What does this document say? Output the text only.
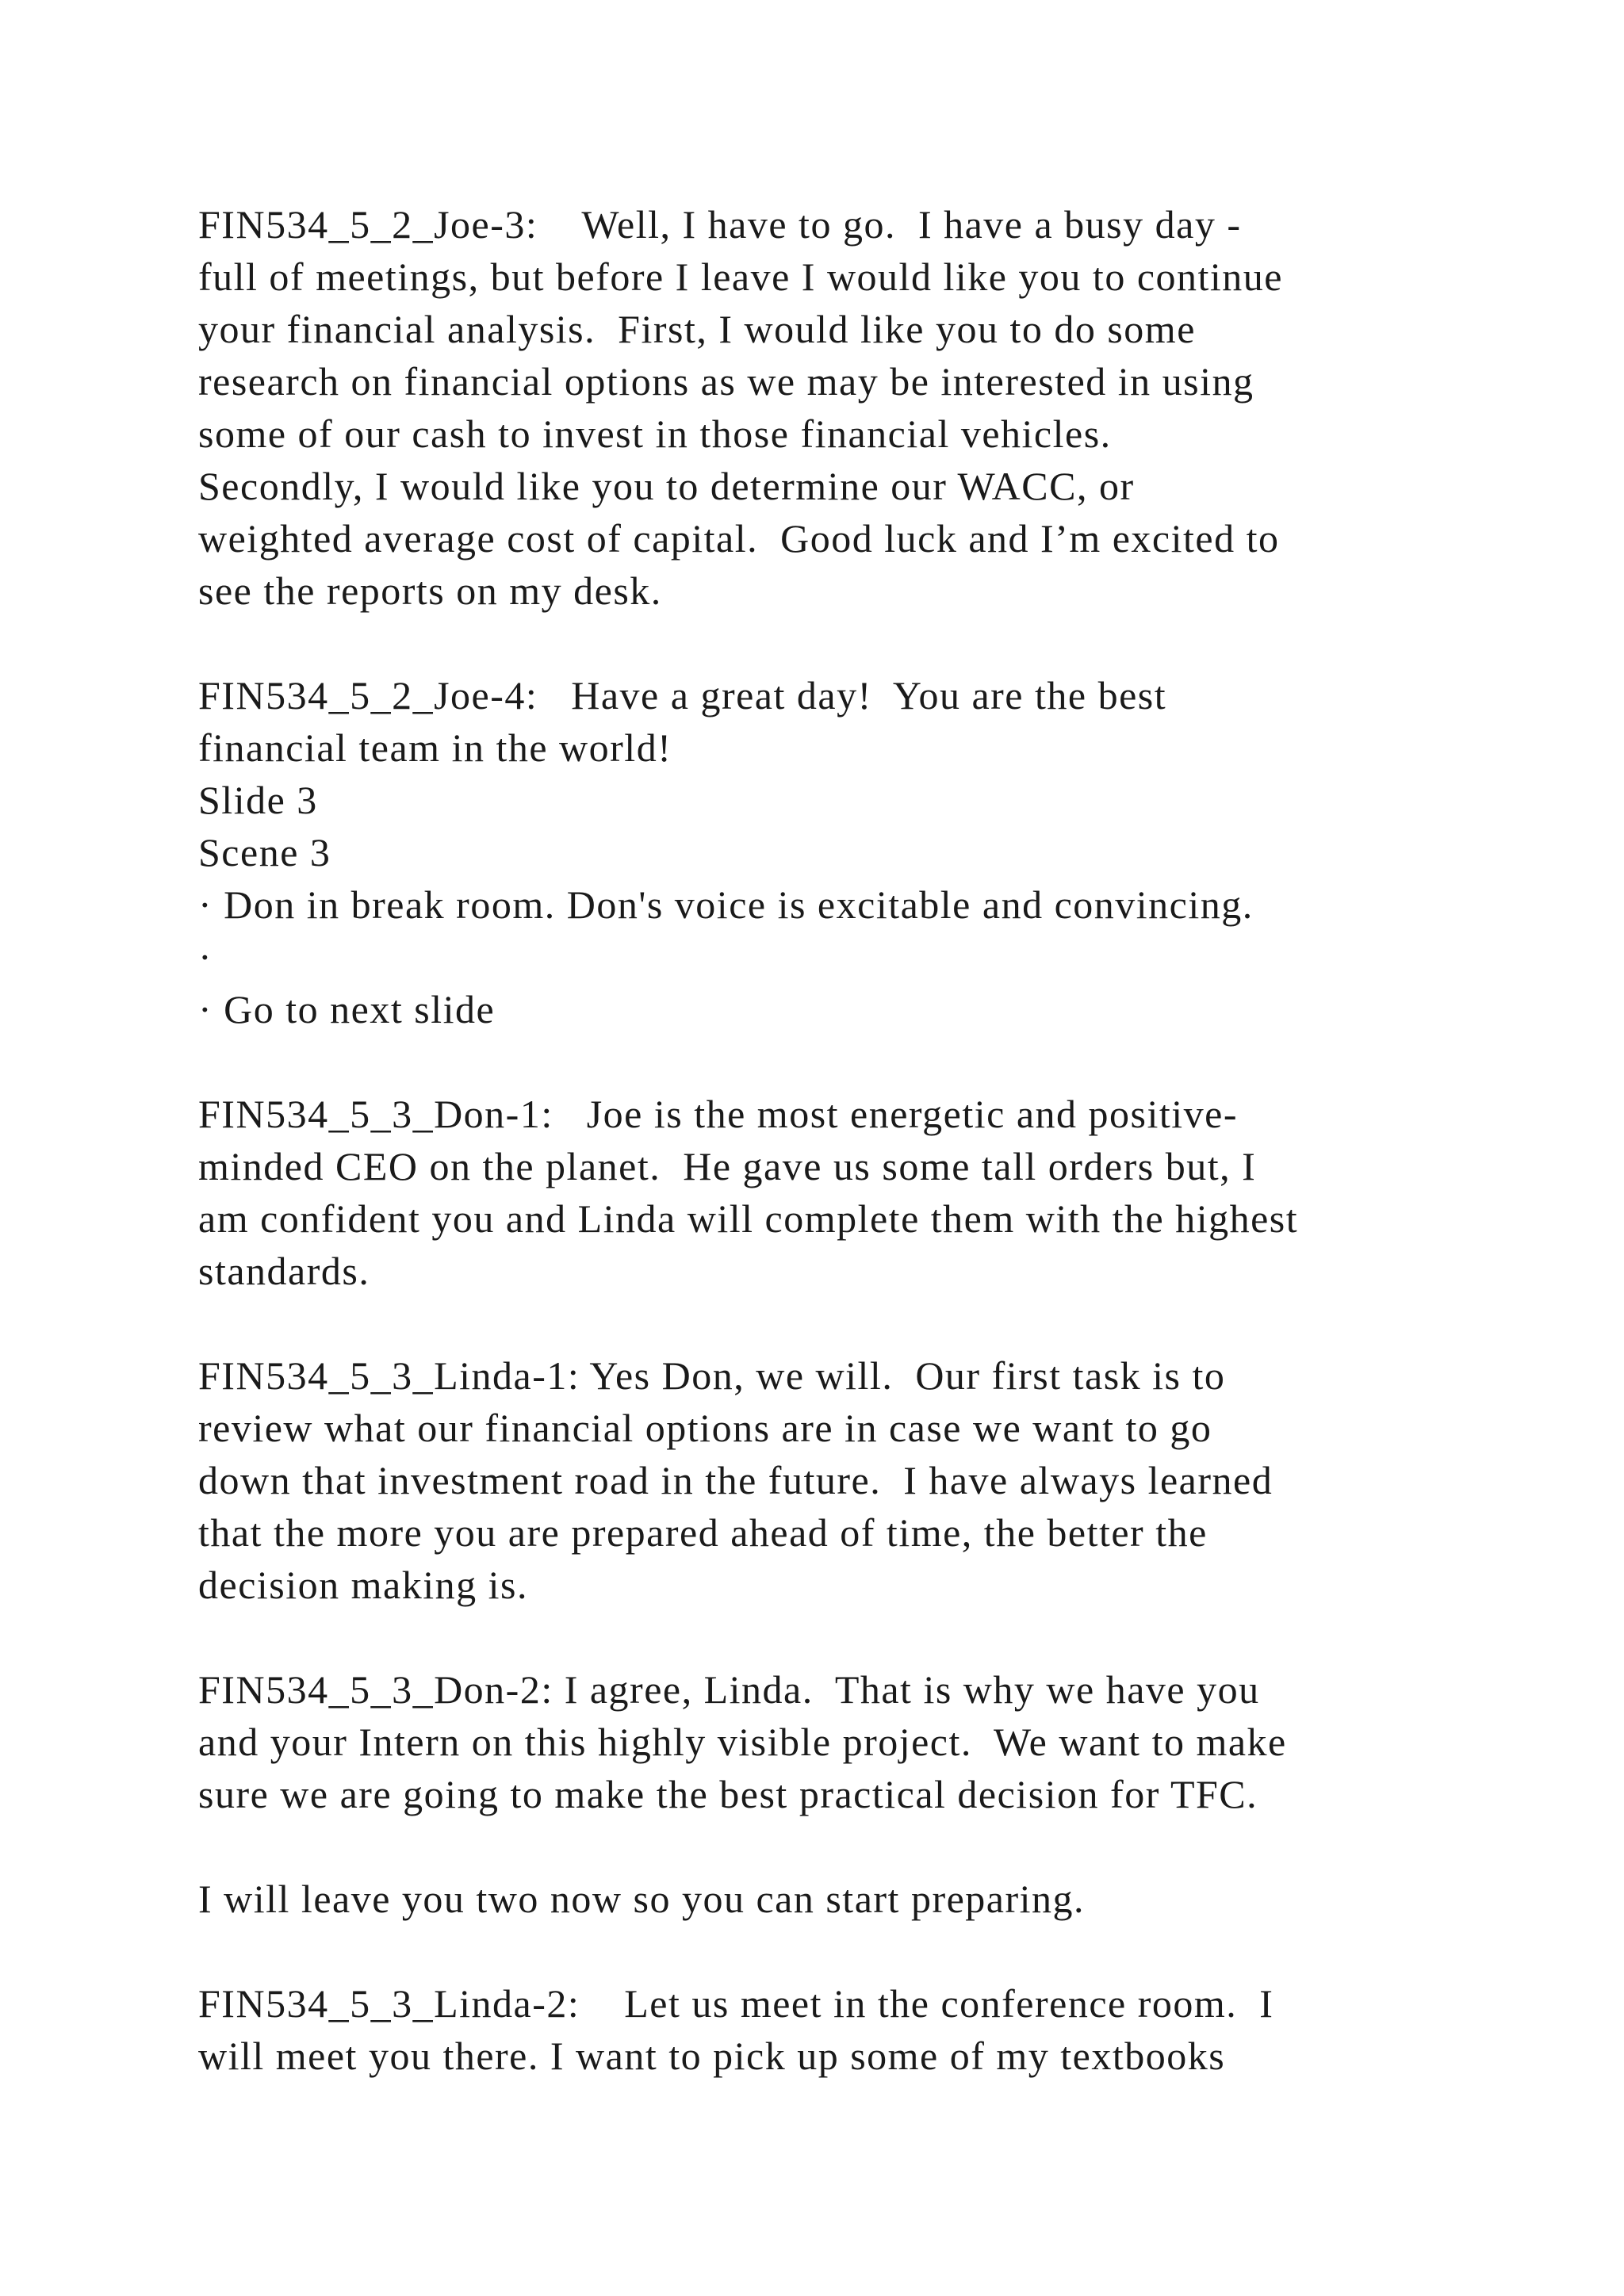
FIN534_5_2_Joe-3:    Well, I have to go.  I have a busy day -
full of meetings, but before I leave I would like you to continue
your financial analysis.  First, I would like you to do some
research on financial options as we may be interested in using
some of our cash to invest in those financial vehicles.
Secondly, I would like you to determine our WACC, or
weighted average cost of capital.  Good luck and I’m excited to
see the reports on my desk.
FIN534_5_2_Joe-4:   Have a great day!  You are the best
financial team in the world!
Slide 3
Scene 3
· Don in break room. Don's voice is excitable and convincing.
·
· Go to next slide
FIN534_5_3_Don-1:   Joe is the most energetic and positive-
minded CEO on the planet.  He gave us some tall orders but, I
am confident you and Linda will complete them with the highest
standards.
FIN534_5_3_Linda-1: Yes Don, we will.  Our first task is to
review what our financial options are in case we want to go
down that investment road in the future.  I have always learned
that the more you are prepared ahead of time, the better the
decision making is.
FIN534_5_3_Don-2: I agree, Linda.  That is why we have you
and your Intern on this highly visible project.  We want to make
sure we are going to make the best practical decision for TFC.
I will leave you two now so you can start preparing.
FIN534_5_3_Linda-2:    Let us meet in the conference room.  I
will meet you there. I want to pick up some of my textbooks
